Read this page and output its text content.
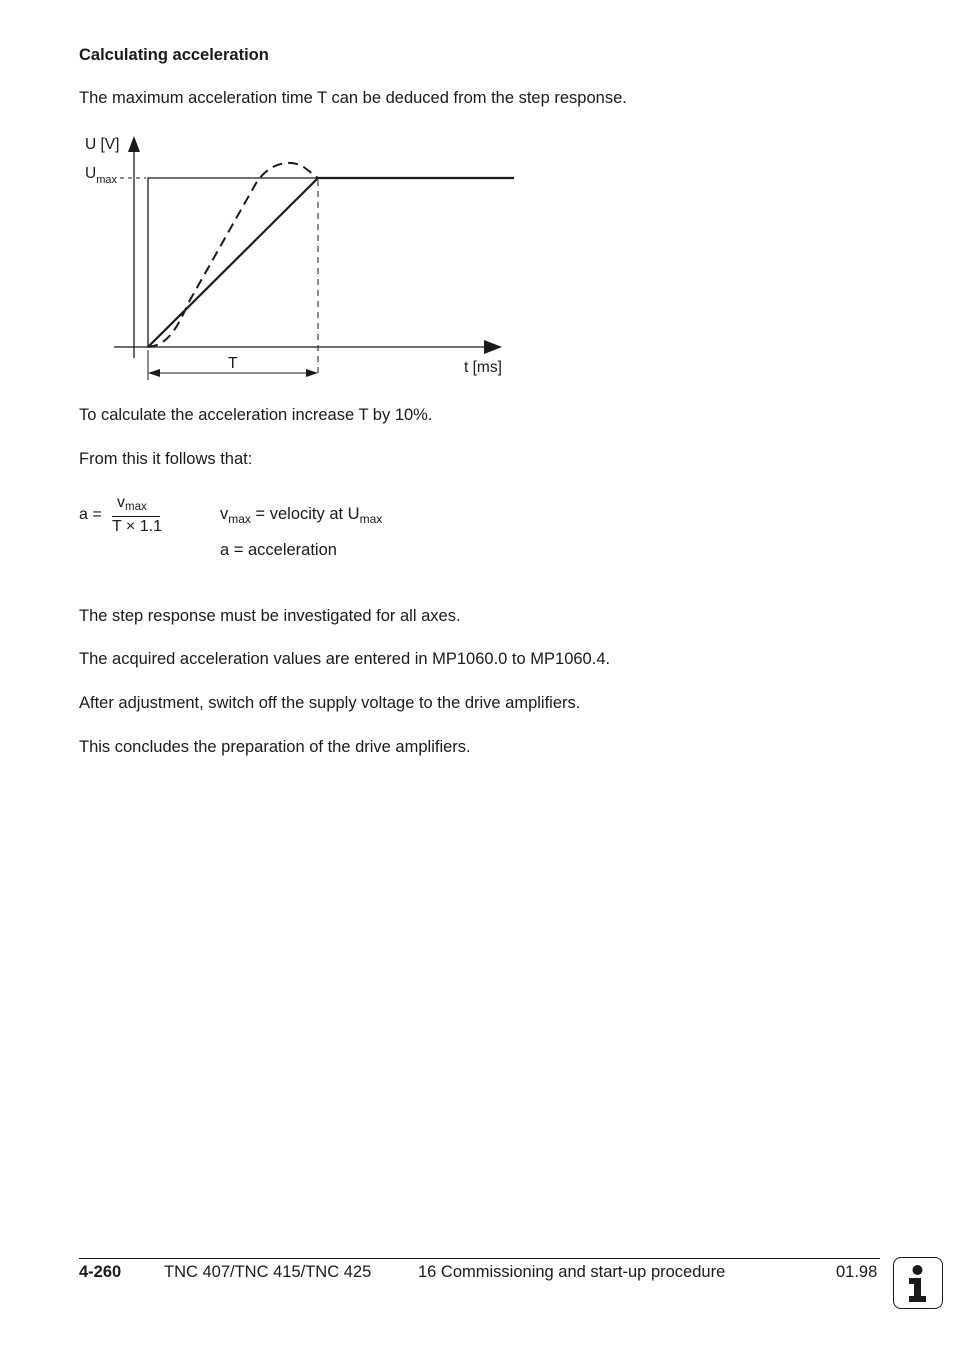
Calculating acceleration
The maximum acceleration time T can be deduced from the step response.
U [V]
$U_{max}$
T	t [ms]
To calculate the acceleration increase T by 10%.
From this it follows that:
a =
vmax
T × 1.1
$v_{max}$ = velocity at $U_{max}$
a = acceleration
The step response must be investigated for all axes.
The acquired acceleration values are entered in MP1060.0 to MP1060.4.
After adjustment, switch off the supply voltage to the drive amplifiers.
This concludes the preparation of the drive amplifiers.
4-260	TNC 407/TNC 415/TNC 425	16 Commissioning and start-up procedure	01.98
